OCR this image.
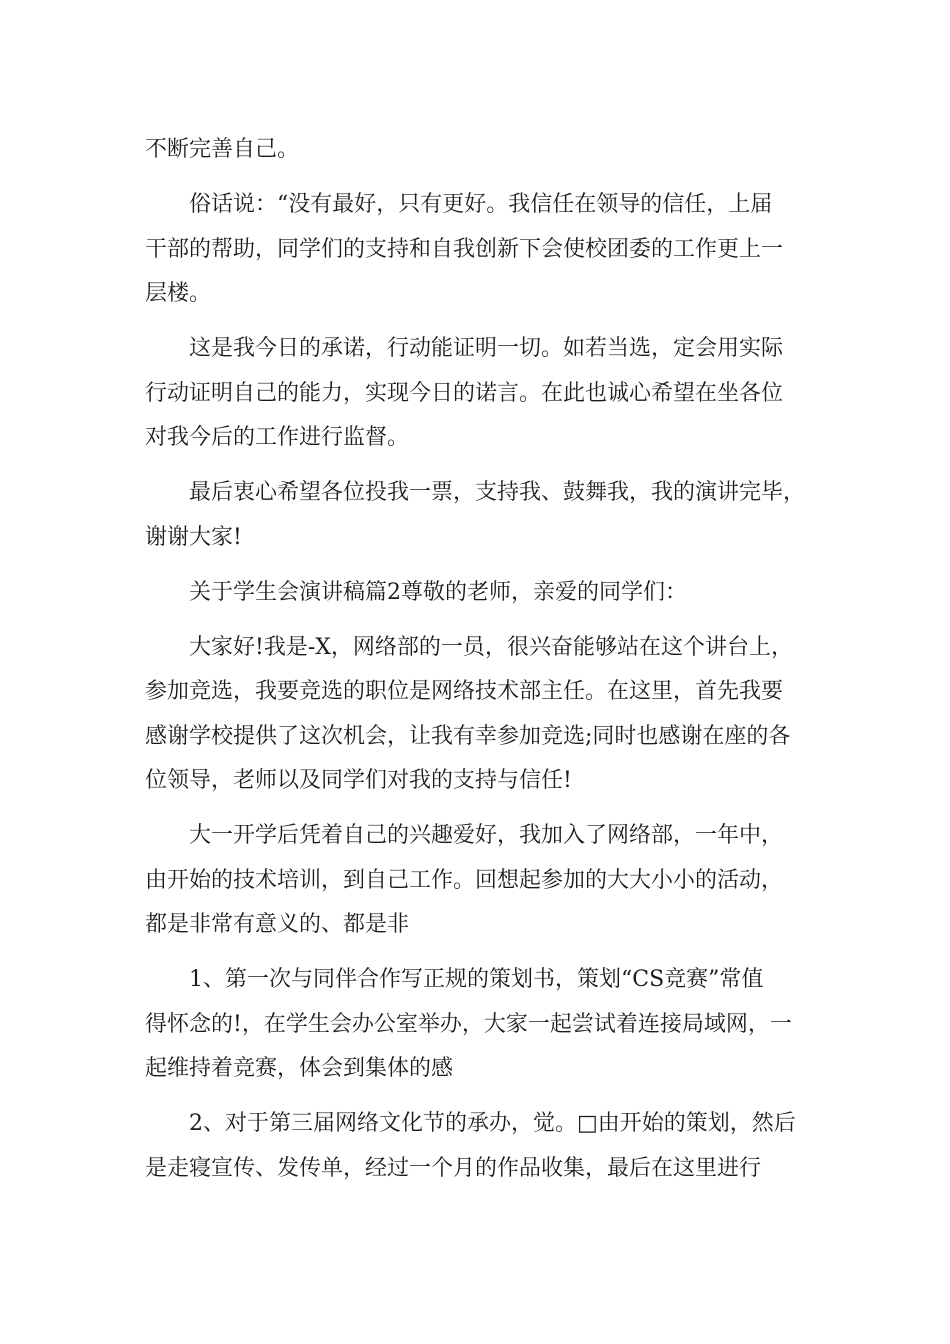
不断完善自己。
俗话说：“没有最好，只有更好。我信任在领导的信任，上届
干部的帮助，同学们的支持和自我创新下会使校团委的工作更上一
层楼。
这是我今日的承诺，行动能证明一切。如若当选，定会用实际
行动证明自己的能力，实现今日的诺言。在此也诚心希望在坐各位
对我今后的工作进行监督。
最后衷心希望各位投我一票，支持我、鼓舞我，我的演讲完毕，
谢谢大家!
关于学生会演讲稿篇2尊敬的老师，亲爱的同学们：
大家好!我是-X，网络部的一员，很兴奋能够站在这个讲台上，
参加竞选，我要竞选的职位是网络技术部主任。在这里，首先我要
感谢学校提供了这次机会，让我有幸参加竞选;同时也感谢在座的各
位领导，老师以及同学们对我的支持与信任!
大一开学后凭着自己的兴趣爱好，我加入了网络部，一年中，
由开始的技术培训，到自己工作。回想起参加的大大小小的活动，
都是非常有意义的、都是非
1、第一次与同伴合作写正规的策划书，策划“CS竞赛”常值
得怀念的!，在学生会办公室举办，大家一起尝试着连接局域网，一
起维持着竞赛，体会到集体的感
2、对于第三届网络文化节的承办，觉。□由开始的策划，然后
是走寝宣传、发传单，经过一个月的作品收集，最后在这里进行
